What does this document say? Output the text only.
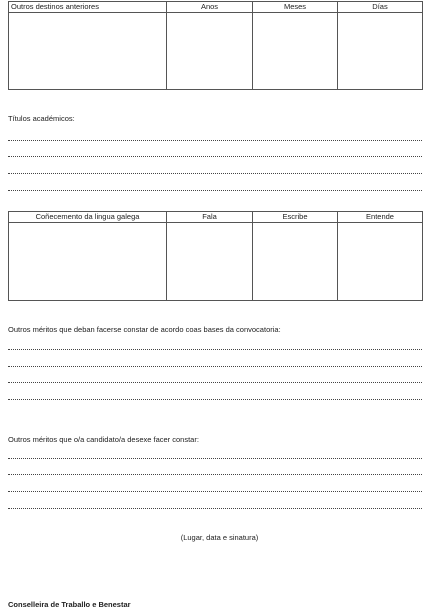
Outros destinos anteriores	Anos	Meses	Días

Títulos académicos:
Coñecemento da lingua galega	Fala	Escribe	Entende

Outros méritos que deban facerse constar de acordo coas bases da convocatoria:
Outros méritos que o/a candidato/a desexe facer constar:
(Lugar, data e sinatura)
Conselleira de Traballo e Benestar
